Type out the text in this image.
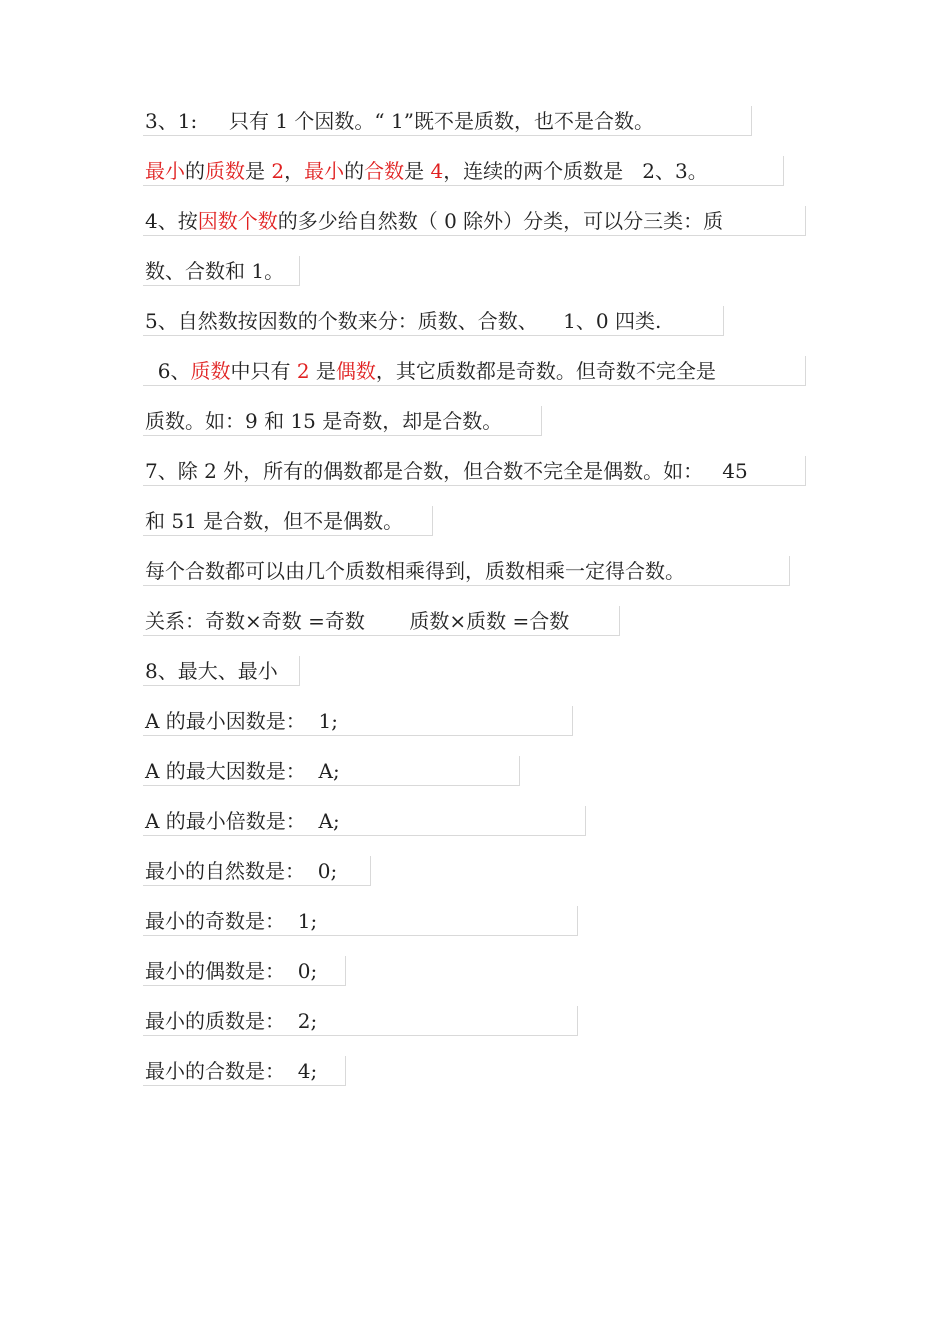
3、1:     只有 1 个因数。“ 1”既不是质数，也不是合数。
最小的质数是 2，最小的合数是 4，连续的两个质数是   2、3。
4、按因数个数的多少给自然数（ 0 除外）分类，可以分三类：质
数、合数和 1。
5、自然数按因数的个数来分：质数、合数、    1、0 四类.
6、质数中只有 2 是偶数，其它质数都是奇数。但奇数不完全是
质数。如：9 和 15 是奇数，却是合数。
7、除 2 外，所有的偶数都是合数，但合数不完全是偶数。如：   45
和 51 是合数，但不是偶数。
每个合数都可以由几个质数相乘得到，质数相乘一定得合数。
关系：奇数×奇数 =奇数       质数×质数 =合数
8、最大、最小
A 的最小因数是：  1;
A 的最大因数是：  A;
A 的最小倍数是：  A;
最小的自然数是：  0;
最小的奇数是：  1;
最小的偶数是：  0;
最小的质数是：  2;
最小的合数是：  4;
